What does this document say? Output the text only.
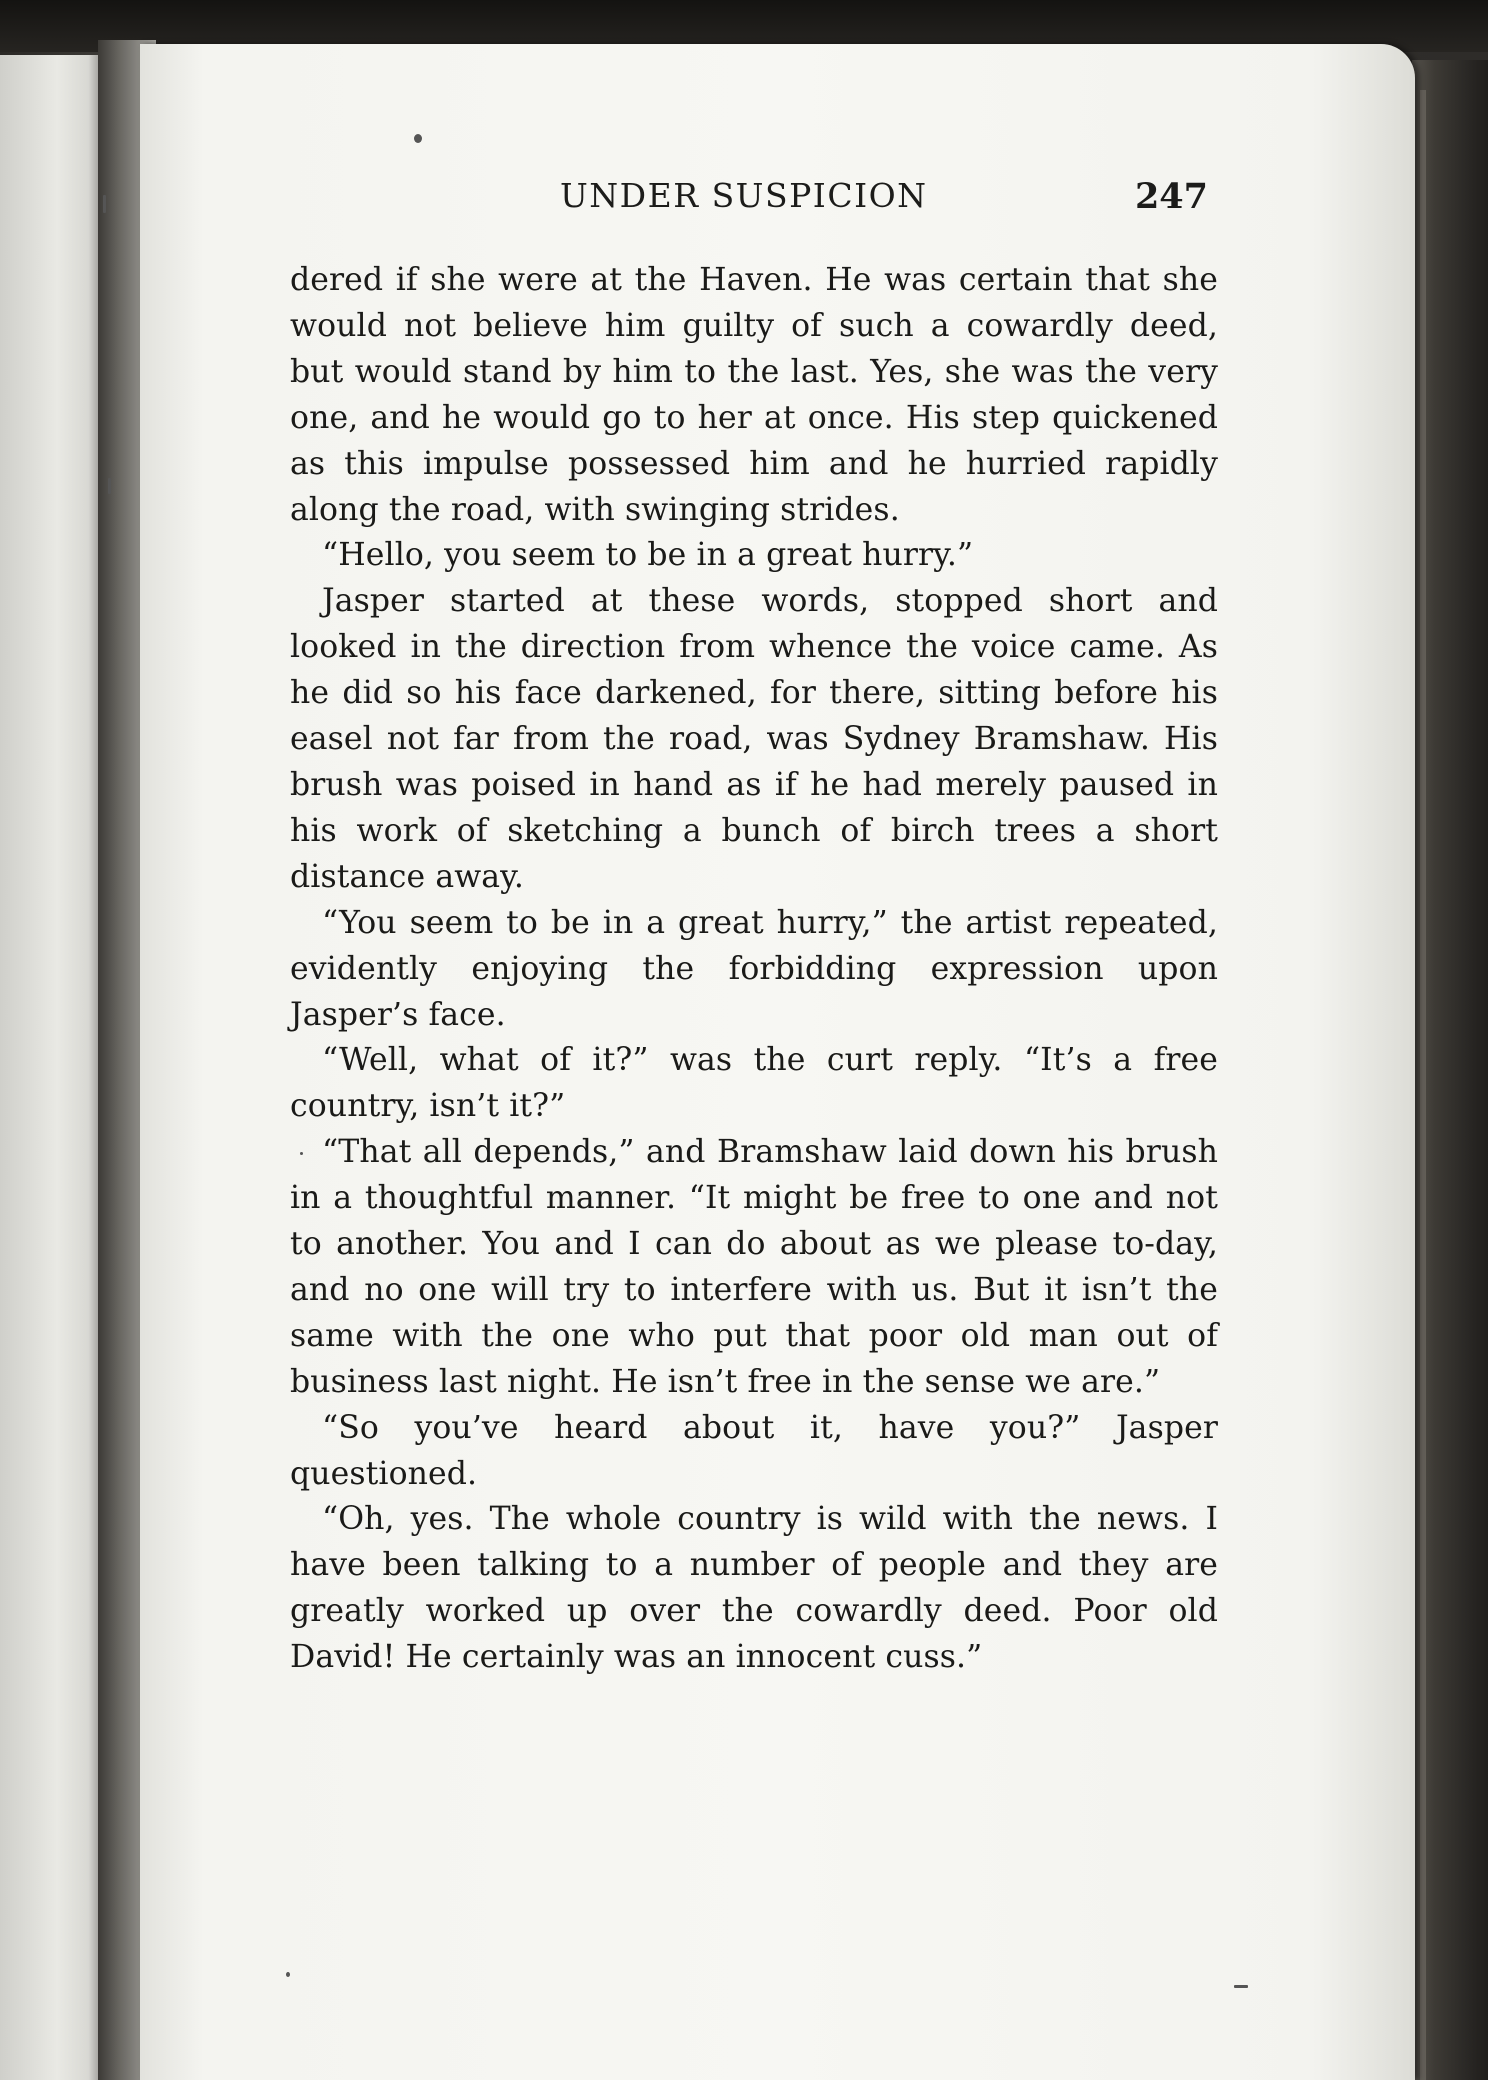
UNDER SUSPICION	247

dered if she were at the Haven. He was certain that she would not believe him guilty of such a cowardly deed, but would stand by him to the last. Yes, she was the very one, and he would go to her at once. His step quickened as this impulse possessed him and he hurried rapidly along the road, with swinging strides.

“Hello, you seem to be in a great hurry.”

Jasper started at these words, stopped short and looked in the direction from whence the voice came. As he did so his face darkened, for there, sitting before his easel not far from the road, was Sydney Bramshaw. His brush was poised in hand as if he had merely paused in his work of sketching a bunch of birch trees a short distance away.

“You seem to be in a great hurry,” the artist repeated, evidently enjoying the forbidding expression upon Jasper’s face.

“Well, what of it?” was the curt reply. “It’s a free country, isn’t it?”

“That all depends,” and Bramshaw laid down his brush in a thoughtful manner. “It might be free to one and not to another. You and I can do about as we please to-day, and no one will try to interfere with us. But it isn’t the same with the one who put that poor old man out of business last night. He isn’t free in the sense we are.”

“So you’ve heard about it, have you?” Jasper questioned.

“Oh, yes. The whole country is wild with the news. I have been talking to a number of people and they are greatly worked up over the cowardly deed. Poor old David! He certainly was an innocent cuss.”
